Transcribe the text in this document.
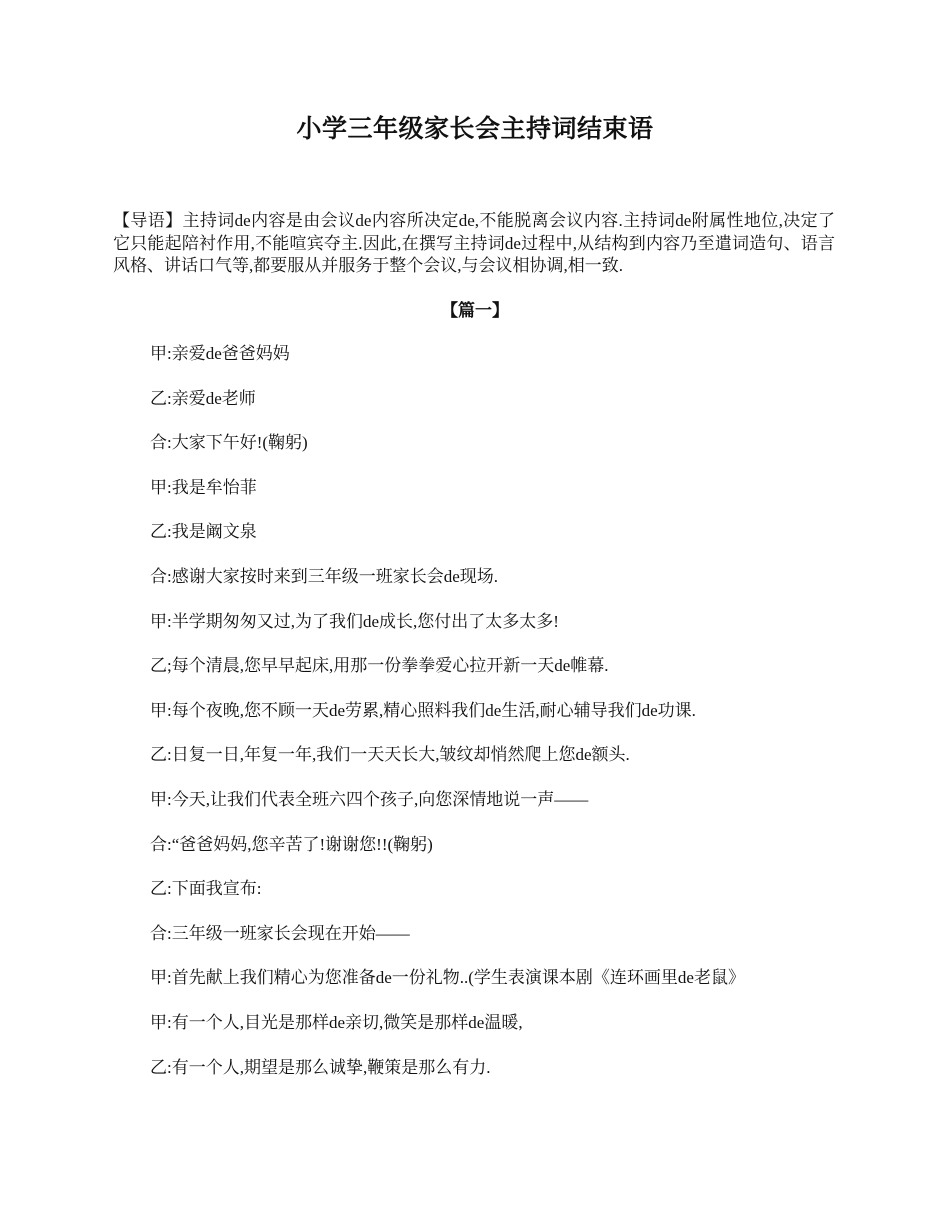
小学三年级家长会主持词结束语

【导语】主持词de内容是由会议de内容所决定de,不能脱离会议内容.主持词de附属性地位,决定了它只能起陪衬作用,不能喧宾夺主.因此,在撰写主持词de过程中,从结构到内容乃至遣词造句、语言风格、讲话口气等,都要服从并服务于整个会议,与会议相协调,相一致.

【篇一】
甲:亲爱de爸爸妈妈
乙:亲爱de老师
合:大家下午好!(鞠躬)
甲:我是牟怡菲
乙:我是阚文泉
合:感谢大家按时来到三年级一班家长会de现场.
甲:半学期匆匆又过,为了我们de成长,您付出了太多太多!
乙;每个清晨,您早早起床,用那一份拳拳爱心拉开新一天de帷幕.
甲:每个夜晚,您不顾一天de劳累,精心照料我们de生活,耐心辅导我们de功课.
乙:日复一日,年复一年,我们一天天长大,皱纹却悄然爬上您de额头.
甲:今天,让我们代表全班六四个孩子,向您深情地说一声——
合:“爸爸妈妈,您辛苦了!谢谢您!!(鞠躬)
乙:下面我宣布:
合:三年级一班家长会现在开始——
甲:首先献上我们精心为您准备de一份礼物..(学生表演课本剧《连环画里de老鼠》
甲:有一个人,目光是那样de亲切,微笑是那样de温暖,
乙:有一个人,期望是那么诚挚,鞭策是那么有力.
